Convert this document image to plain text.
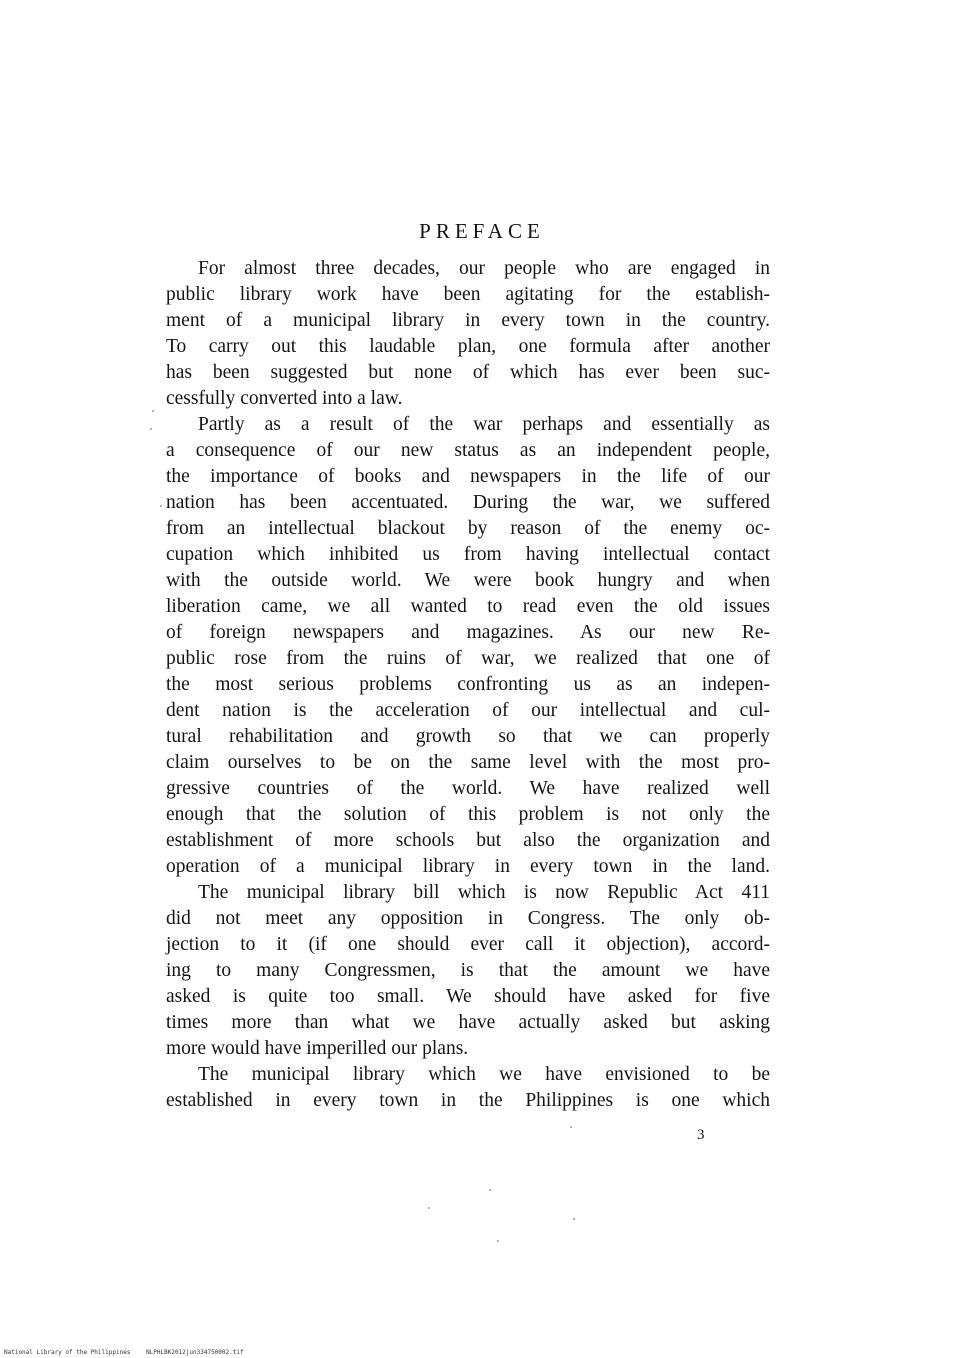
PREFACE
For almost three decades, our people who are engaged in
public library work have been agitating for the establish-
ment of a municipal library in every town in the country.
To carry out this laudable plan, one formula after another
has been suggested but none of which has ever been suc-
cessfully converted into a law.
Partly as a result of the war perhaps and essentially as
a consequence of our new status as an independent people,
the importance of books and newspapers in the life of our
nation has been accentuated. During the war, we suffered
from an intellectual blackout by reason of the enemy oc-
cupation which inhibited us from having intellectual contact
with the outside world. We were book hungry and when
liberation came, we all wanted to read even the old issues
of foreign newspapers and magazines. As our new Re-
public rose from the ruins of war, we realized that one of
the most serious problems confronting us as an indepen-
dent nation is the acceleration of our intellectual and cul-
tural rehabilitation and growth so that we can properly
claim ourselves to be on the same level with the most pro-
gressive countries of the world. We have realized well
enough that the solution of this problem is not only the
establishment of more schools but also the organization and
operation of a municipal library in every town in the land.
The municipal library bill which is now Republic Act 411
did not meet any opposition in Congress. The only ob-
jection to it (if one should ever call it objection), accord-
ing to many Congressmen, is that the amount we have
asked is quite too small. We should have asked for five
times more than what we have actually asked but asking
more would have imperilled our plans.
The municipal library which we have envisioned to be
established in every town in the Philippines is one which
3
National Library of the Philippines	NLPHLBK2012jun334750002.tif
